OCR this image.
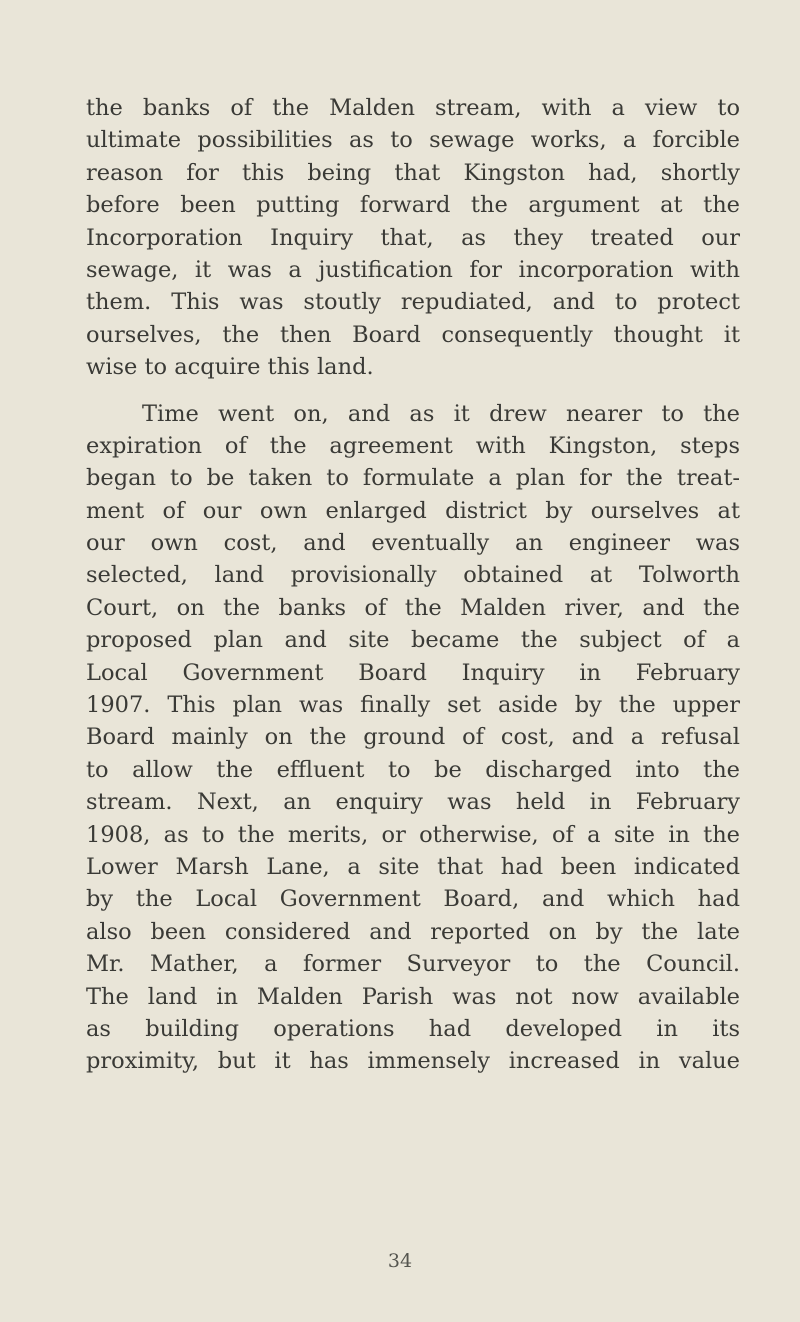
the banks of the Malden stream, with a view to
ultimate possibilities as to sewage works, a forcible
reason for this being that Kingston had, shortly
before been putting forward the argument at the
Incorporation Inquiry that, as they treated our
sewage, it was a justification for incorporation with
them. This was stoutly repudiated, and to protect
ourselves, the then Board consequently thought it
wise to acquire this land.
Time went on, and as it drew nearer to the
expiration of the agreement with Kingston, steps
began to be taken to formulate a plan for the treat-
ment of our own enlarged district by ourselves at
our own cost, and eventually an engineer was
selected, land provisionally obtained at Tolworth
Court, on the banks of the Malden river, and the
proposed plan and site became the subject of a
Local Government Board Inquiry in February
1907. This plan was finally set aside by the upper
Board mainly on the ground of cost, and a refusal
to allow the effluent to be discharged into the
stream. Next, an enquiry was held in February
1908, as to the merits, or otherwise, of a site in the
Lower Marsh Lane, a site that had been indicated
by the Local Government Board, and which had
also been considered and reported on by the late
Mr. Mather, a former Surveyor to the Council.
The land in Malden Parish was not now available
as building operations had developed in its
proximity, but it has immensely increased in value
34
